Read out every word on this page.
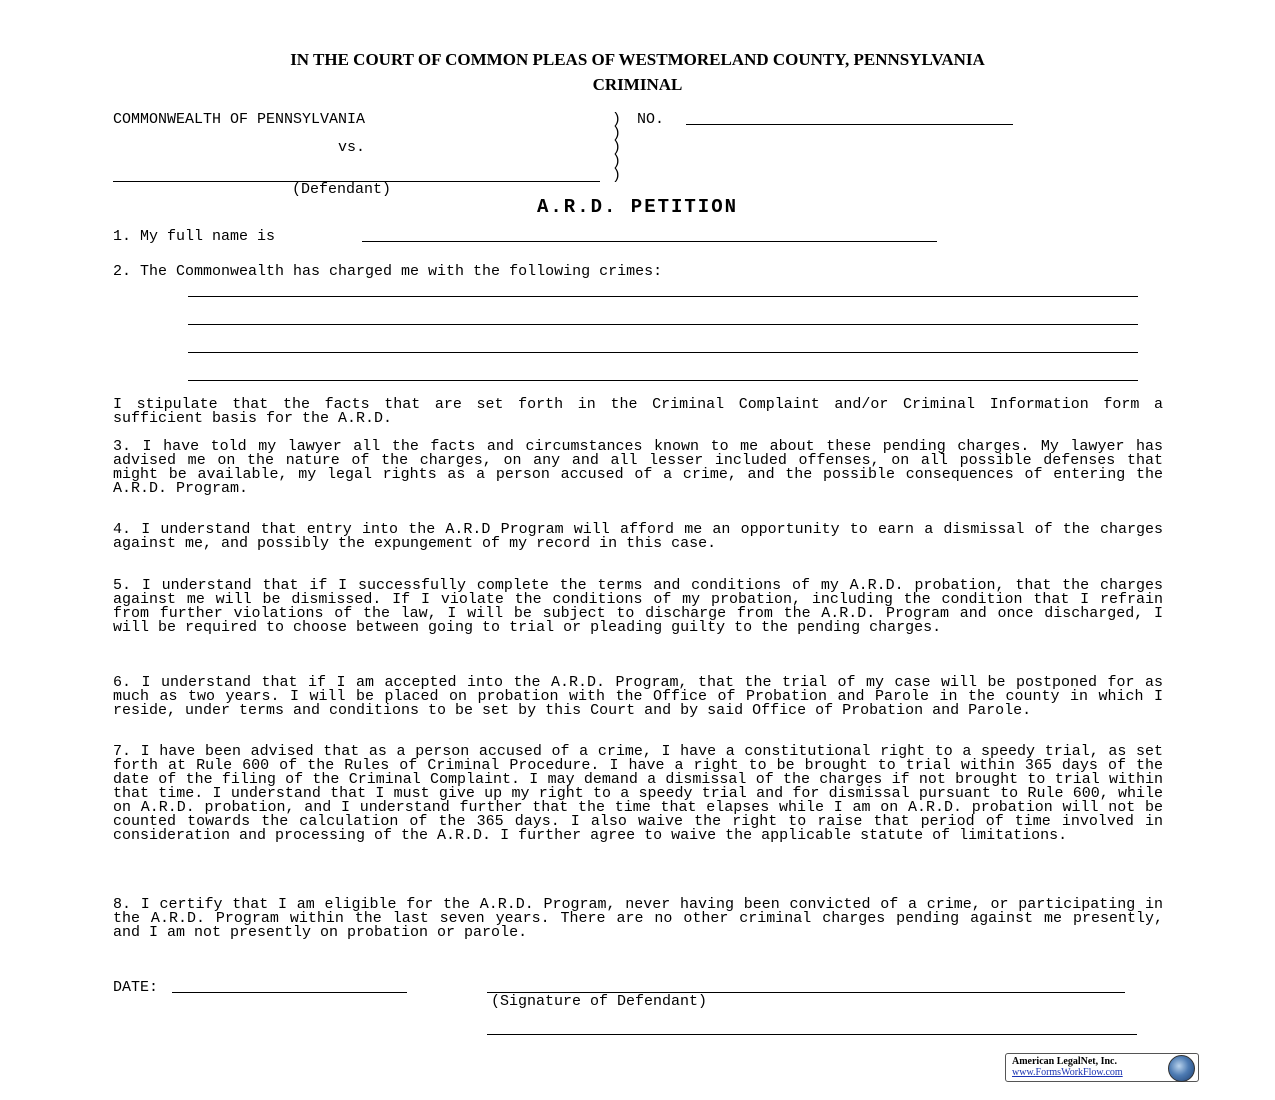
IN THE COURT OF COMMON PLEAS OF WESTMORELAND COUNTY, PENNSYLVANIA
CRIMINAL
COMMONWEALTH OF PENNSYLVANIA
vs.
(Defendant)
)
)
)
)
)
NO.
A.R.D. PETITION
1. My full name is
2. The Commonwealth has charged me with the following crimes:
I stipulate that the facts that are set forth in the Criminal Complaint and/or Criminal Information form a sufficient basis for the A.R.D.
3. I have told my lawyer all the facts and circumstances known to me about these pending charges. My lawyer has advised me on the nature of the charges, on any and all lesser included offenses, on all possible defenses that might be available, my legal rights as a person accused of a crime, and the possible consequences of entering the A.R.D. Program.
4. I understand that entry into the A.R.D Program will afford me an opportunity to earn a dismissal of the charges against me, and possibly the expungement of my record in this case.
5. I understand that if I successfully complete the terms and conditions of my A.R.D. probation, that the charges against me will be dismissed. If I violate the conditions of my probation, including the condition that I refrain from further violations of the law, I will be subject to discharge from the A.R.D. Program and once discharged, I will be required to choose between going to trial or pleading guilty to the pending charges.
6. I understand that if I am accepted into the A.R.D. Program, that the trial of my case will be postponed for as much as two years. I will be placed on probation with the Office of Probation and Parole in the county in which I reside, under terms and conditions to be set by this Court and by said Office of Probation and Parole.
7. I have been advised that as a person accused of a crime, I have a constitutional right to a speedy trial, as set forth at Rule 600 of the Rules of Criminal Procedure. I have a right to be brought to trial within 365 days of the date of the filing of the Criminal Complaint. I may demand a dismissal of the charges if not brought to trial within that time. I understand that I must give up my right to a speedy trial and for dismissal pursuant to Rule 600, while on A.R.D. probation, and I understand further that the time that elapses while I am on A.R.D. probation will not be counted towards the calculation of the 365 days. I also waive the right to raise that period of time involved in consideration and processing of the A.R.D. I further agree to waive the applicable statute of limitations.
8. I certify that I am eligible for the A.R.D. Program, never having been convicted of a crime, or participating in the A.R.D. Program within the last seven years. There are no other criminal charges pending against me presently, and I am not presently on probation or parole.
DATE:
(Signature of Defendant)
American LegalNet, Inc.
www.FormsWorkFlow.com
